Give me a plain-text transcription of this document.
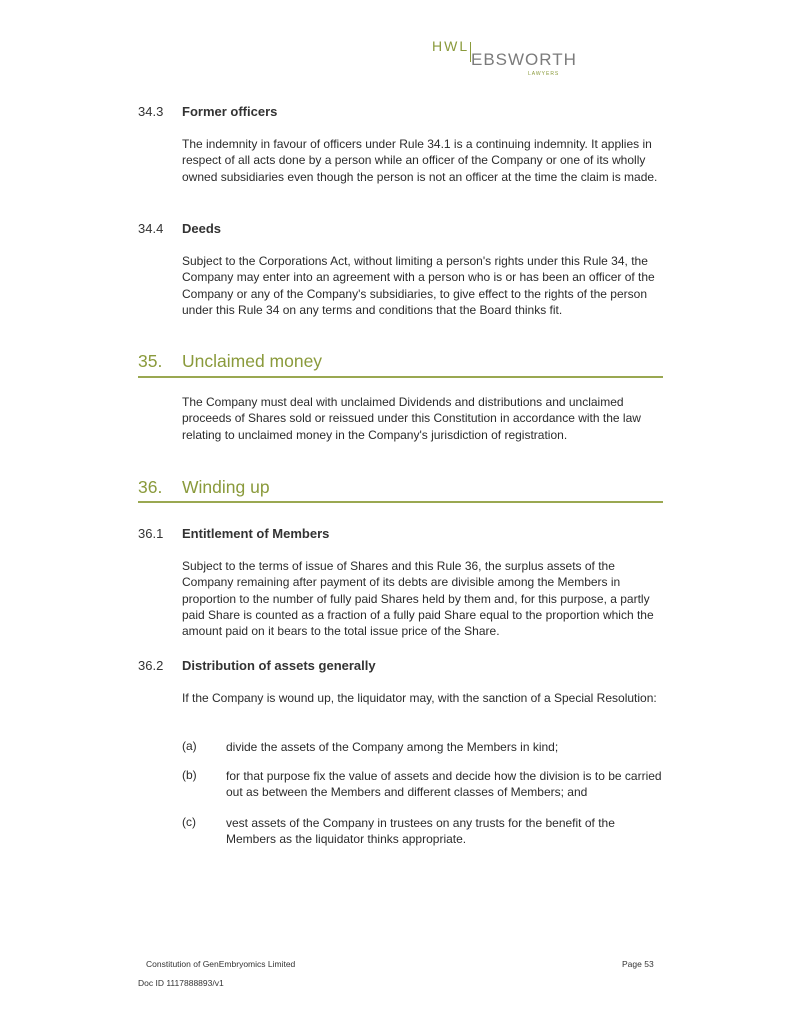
HWL
EBSWORTH
LAWYERS
34.3 Former officers
The indemnity in favour of officers under Rule 34.1 is a continuing indemnity. It applies in respect of all acts done by a person while an officer of the Company or one of its wholly owned subsidiaries even though the person is not an officer at the time the claim is made.
34.4 Deeds
Subject to the Corporations Act, without limiting a person's rights under this Rule 34, the Company may enter into an agreement with a person who is or has been an officer of the Company or any of the Company's subsidiaries, to give effect to the rights of the person under this Rule 34 on any terms and conditions that the Board thinks fit.
35. Unclaimed money
The Company must deal with unclaimed Dividends and distributions and unclaimed proceeds of Shares sold or reissued under this Constitution in accordance with the law relating to unclaimed money in the Company's jurisdiction of registration.
36. Winding up
36.1 Entitlement of Members
Subject to the terms of issue of Shares and this Rule 36, the surplus assets of the Company remaining after payment of its debts are divisible among the Members in proportion to the number of fully paid Shares held by them and, for this purpose, a partly paid Share is counted as a fraction of a fully paid Share equal to the proportion which the amount paid on it bears to the total issue price of the Share.
36.2 Distribution of assets generally
If the Company is wound up, the liquidator may, with the sanction of a Special Resolution:
(a) divide the assets of the Company among the Members in kind;
(b) for that purpose fix the value of assets and decide how the division is to be carried out as between the Members and different classes of Members; and
(c)	vest assets of the Company in trustees on any trusts for the benefit of the Members as the liquidator thinks appropriate.
Constitution of GenEmbryomics Limited	Page 53
Doc ID 1117888893/v1
